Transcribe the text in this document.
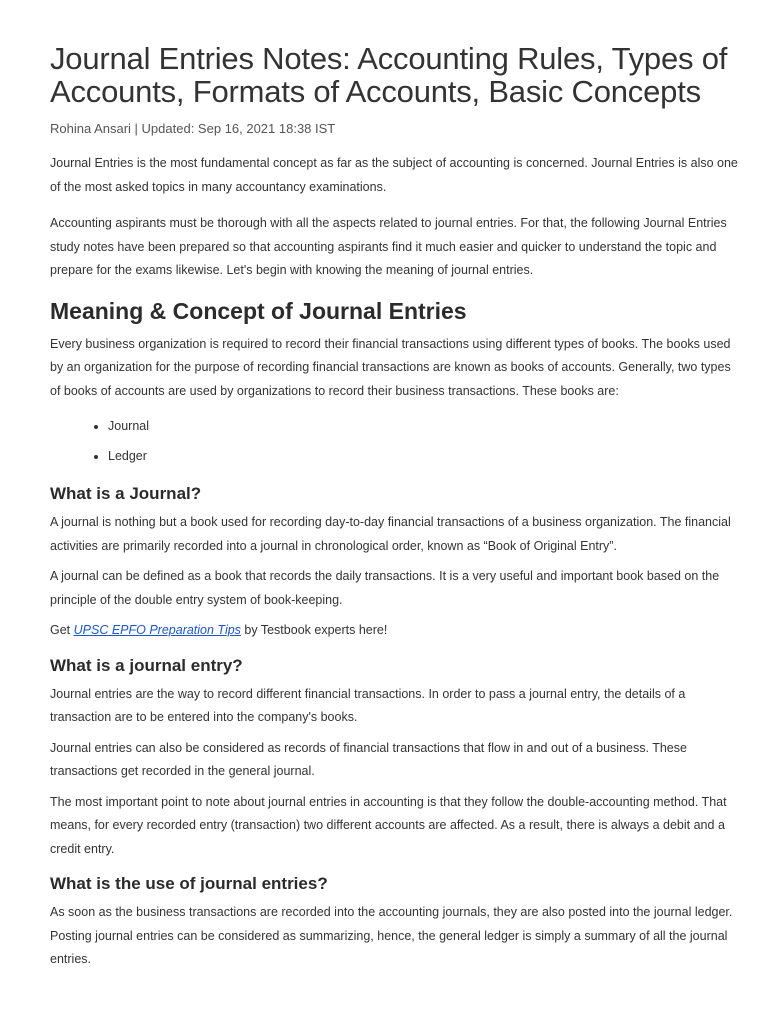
Journal Entries Notes: Accounting Rules, Types of Accounts, Formats of Accounts, Basic Concepts
Rohina Ansari | Updated: Sep 16, 2021 18:38 IST

Journal Entries is the most fundamental concept as far as the subject of accounting is concerned. Journal Entries is also one of the most asked topics in many accountancy examinations.

Accounting aspirants must be thorough with all the aspects related to journal entries. For that, the following Journal Entries study notes have been prepared so that accounting aspirants find it much easier and quicker to understand the topic and prepare for the exams likewise. Let's begin with knowing the meaning of journal entries.

Meaning & Concept of Journal Entries

Every business organization is required to record their financial transactions using different types of books. The books used by an organization for the purpose of recording financial transactions are known as books of accounts. Generally, two types of books of accounts are used by organizations to record their business transactions. These books are:

• Journal
• Ledger
What is a Journal?

A journal is nothing but a book used for recording day-to-day financial transactions of a business organization. The financial activities are primarily recorded into a journal in chronological order, known as “Book of Original Entry”.

A journal can be defined as a book that records the daily transactions. It is a very useful and important book based on the principle of the double entry system of book-keeping.

Get UPSC EPFO Preparation Tips by Testbook experts here!

What is a journal entry?

Journal entries are the way to record different financial transactions. In order to pass a journal entry, the details of a transaction are to be entered into the company's books.

Journal entries can also be considered as records of financial transactions that flow in and out of a business. These transactions get recorded in the general journal.

The most important point to note about journal entries in accounting is that they follow the double-accounting method. That means, for every recorded entry (transaction) two different accounts are affected. As a result, there is always a debit and a credit entry.

What is the use of journal entries?

As soon as the business transactions are recorded into the accounting journals, they are also posted into the journal ledger. Posting journal entries can be considered as summarizing, hence, the general ledger is simply a summary of all the journal entries.
